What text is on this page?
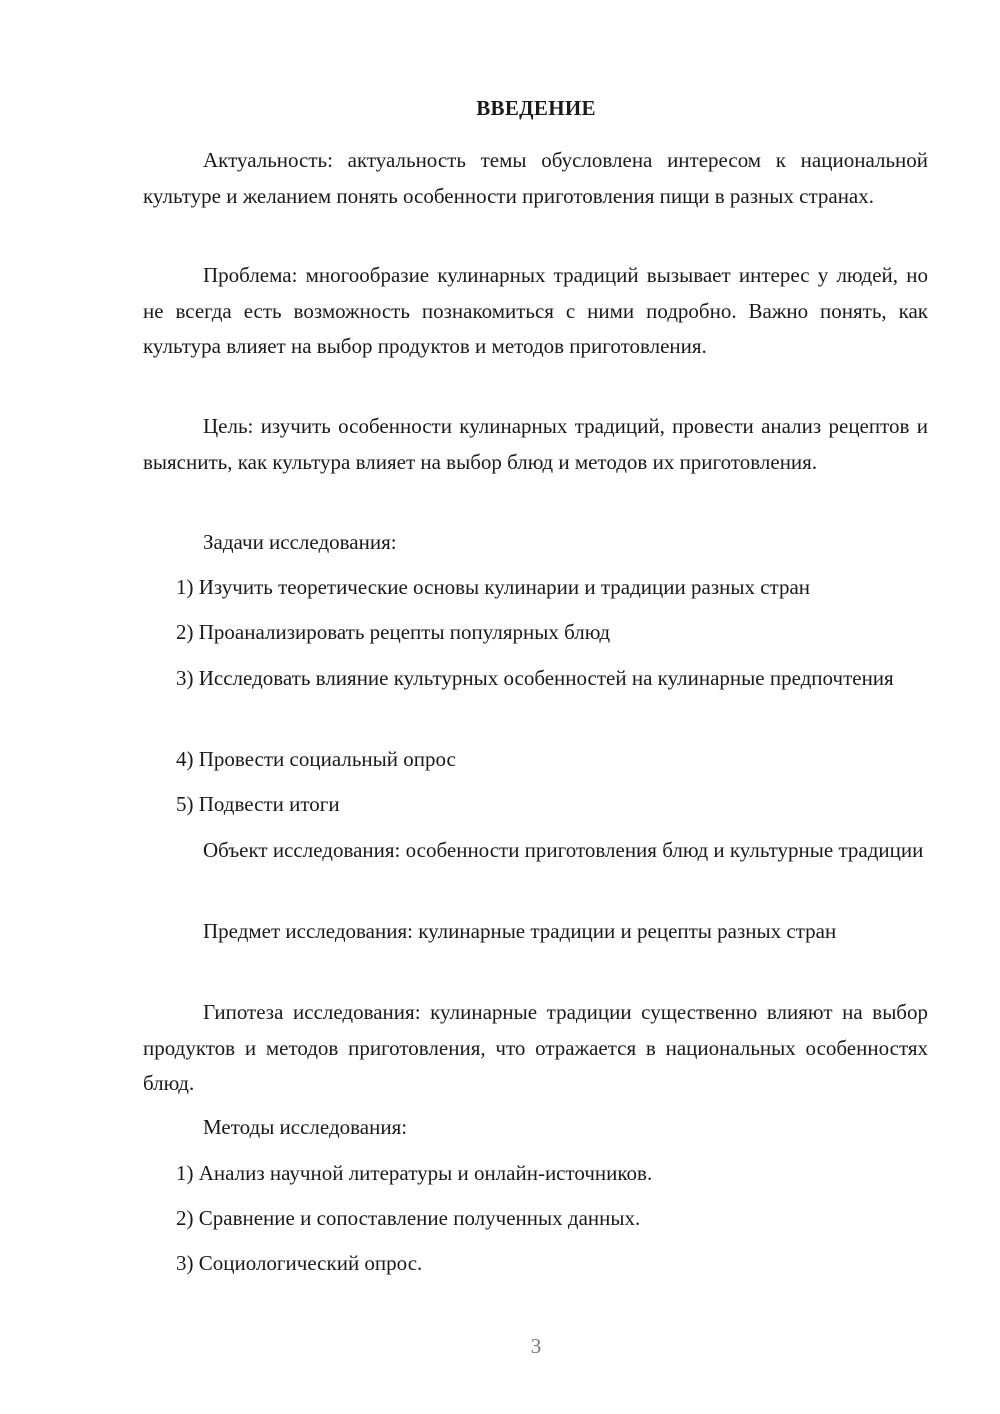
ВВЕДЕНИЕ
Актуальность: актуальность темы обусловлена интересом к национальной культуре и желанием понять особенности приготовления пищи в разных странах.
Проблема: многообразие кулинарных традиций вызывает интерес у людей, но не всегда есть возможность познакомиться с ними подробно. Важно понять, как культура влияет на выбор продуктов и методов приготовления.
Цель: изучить особенности кулинарных традиций, провести анализ рецептов и выяснить, как культура влияет на выбор блюд и методов их приготовления.
Задачи исследования:
1) Изучить теоретические основы кулинарии и традиции разных стран
2) Проанализировать рецепты популярных блюд
3) Исследовать влияние культурных особенностей на кулинарные предпочтения
4) Провести социальный опрос
5) Подвести итоги
Объект исследования: особенности приготовления блюд и культурные традиции
Предмет исследования: кулинарные традиции и рецепты разных стран
Гипотеза исследования: кулинарные традиции существенно влияют на выбор продуктов и методов приготовления, что отражается в национальных особенностях блюд.
Методы исследования:
1) Анализ научной литературы и онлайн-источников.
2) Сравнение и сопоставление полученных данных.
3) Социологический опрос.
3
